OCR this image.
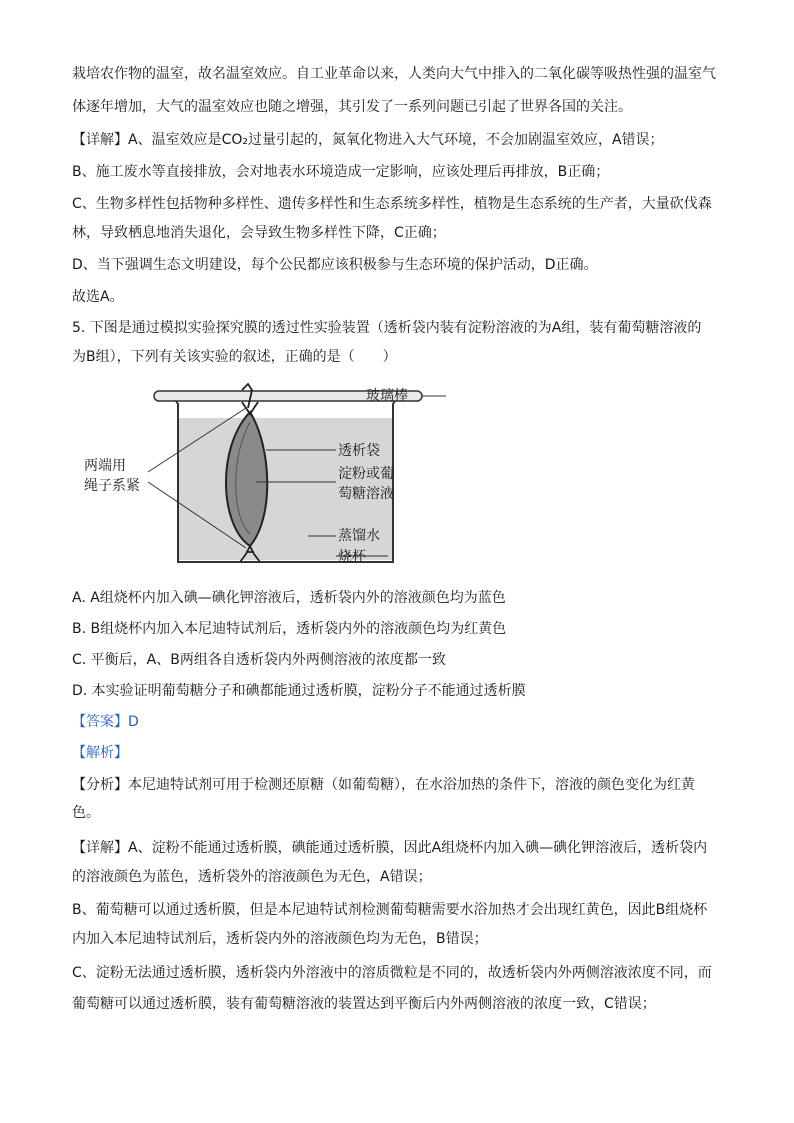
栽培农作物的温室，故名温室效应。自工业革命以来，人类向大气中排入的二氧化碳等吸热性强的温室气
体逐年增加，大气的温室效应也随之增强，其引发了一系列问题已引起了世界各国的关注。
【详解】A、温室效应是CO₂过量引起的，氮氧化物进入大气环境，不会加剧温室效应，A错误；
B、施工废水等直接排放，会对地表水环境造成一定影响，应该处理后再排放，B正确；
C、生物多样性包括物种多样性、遗传多样性和生态系统多样性，植物是生态系统的生产者，大量砍伐森
林，导致栖息地消失退化，会导致生物多样性下降，C正确；
D、当下强调生态文明建设，每个公民都应该积极参与生态环境的保护活动，D正确。
故选A。
5. 下图是通过模拟实验探究膜的透过性实验装置（透析袋内装有淀粉溶液的为A组，装有葡萄糖溶液的
为B组），下列有关该实验的叙述，正确的是（　　）
玻璃棒
透析袋
淀粉或葡
萄糖溶液
蒸馏水
烧杯
两端用
绳子系紧
A. A组烧杯内加入碘—碘化钾溶液后，透析袋内外的溶液颜色均为蓝色
B. B组烧杯内加入本尼迪特试剂后，透析袋内外的溶液颜色均为红黄色
C. 平衡后，A、B两组各自透析袋内外两侧溶液的浓度都一致
D. 本实验证明葡萄糖分子和碘都能通过透析膜，淀粉分子不能通过透析膜
【答案】D
【解析】
【分析】本尼迪特试剂可用于检测还原糖（如葡萄糖），在水浴加热的条件下，溶液的颜色变化为红黄
色。
【详解】A、淀粉不能通过透析膜，碘能通过透析膜，因此A组烧杯内加入碘—碘化钾溶液后，透析袋内
的溶液颜色为蓝色，透析袋外的溶液颜色为无色，A错误；
B、葡萄糖可以通过透析膜，但是本尼迪特试剂检测葡萄糖需要水浴加热才会出现红黄色，因此B组烧杯
内加入本尼迪特试剂后，透析袋内外的溶液颜色均为无色，B错误；
C、淀粉无法通过透析膜，透析袋内外溶液中的溶质微粒是不同的，故透析袋内外两侧溶液浓度不同，而
葡萄糖可以通过透析膜，装有葡萄糖溶液的装置达到平衡后内外两侧溶液的浓度一致，C错误；
